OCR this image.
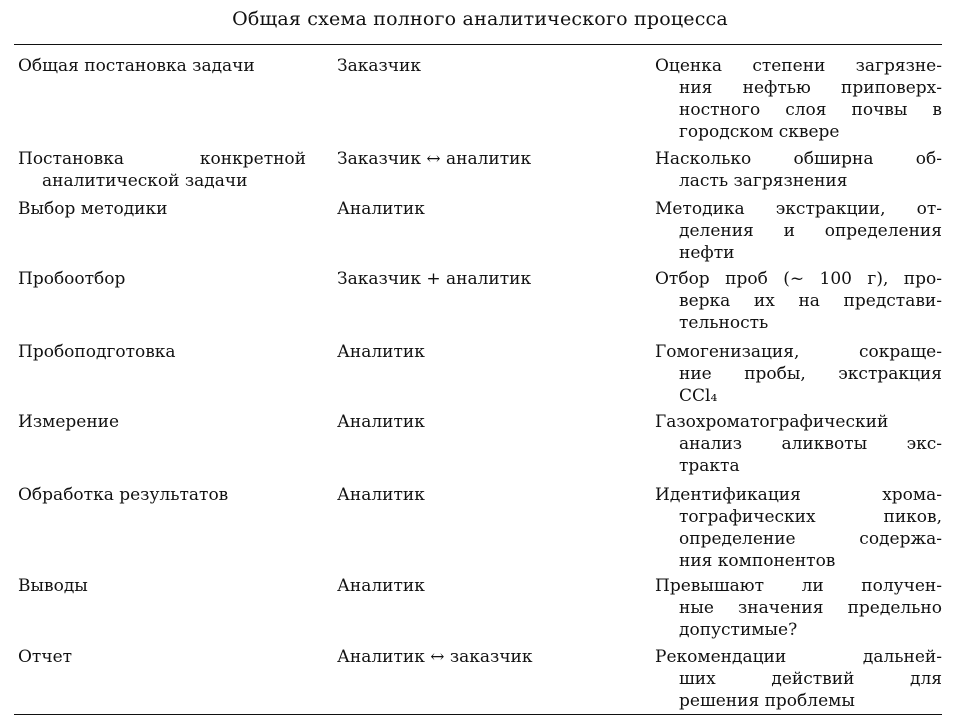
Общая схема полного аналитического процесса
Общая постановка задачи	Заказчик	Оценка степени загрязне-
ния нефтью приповерх-
ностного слоя почвы в
городском сквере
Постановка конкретной
аналитической задачи
Заказчик ↔ аналитик	Насколько обширна об-
ласть загрязнения
Выбор методики	Аналитик	Методика экстракции, от-
деления и определения
нефти
Пробоотбор	Заказчик + аналитик	Отбор проб (~ 100 г), про-
верка их на представи-
тельность
Пробоподготовка	Аналитик	Гомогенизация, сокраще-
ние пробы, экстракция
CCl₄
Измерение	Аналитик	Газохроматографический
анализ аликвоты экс-
тракта
Обработка результатов	Аналитик	Идентификация хрома-
тографических пиков,
определение содержа-
ния компонентов
Выводы	Аналитик	Превышают ли получен-
ные значения предельно
допустимые?
Отчет	Аналитик ↔ заказчик	Рекомендации дальней-
ших действий для
решения проблемы
